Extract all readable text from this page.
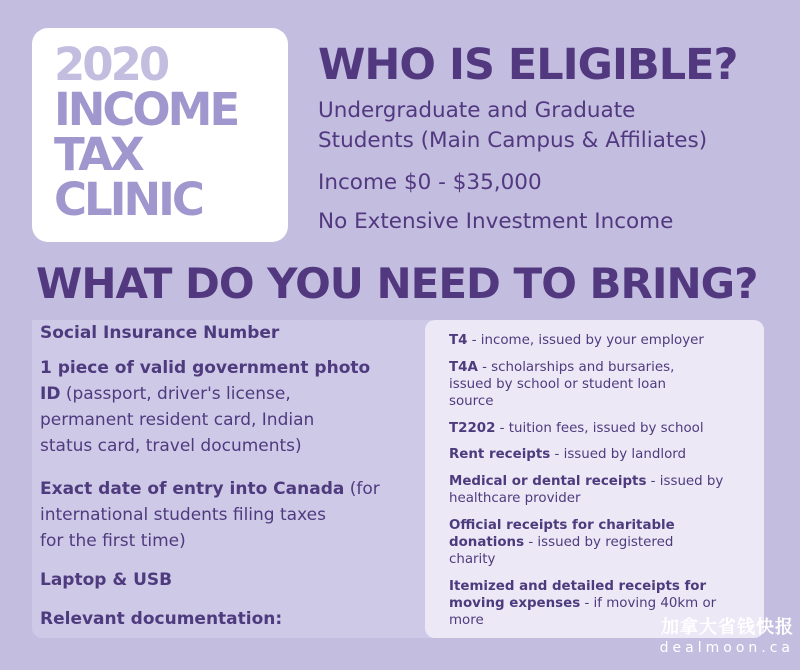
2020
INCOME
TAX
CLINIC
WHO IS ELIGIBLE?
Undergraduate and Graduate
Students (Main Campus & Affiliates)
Income $0 - $35,000
No Extensive Investment Income
WHAT DO YOU NEED TO BRING?
Social Insurance Number
1 piece of valid government photo
ID (passport, driver's license,
permanent resident card, Indian
status card, travel documents)
Exact date of entry into Canada (for
international students filing taxes
for the first time)
Laptop & USB
Relevant documentation:
T4 - income, issued by your employer
T4A - scholarships and bursaries,
issued by school or student loan
source
T2202 - tuition fees, issued by school
Rent receipts - issued by landlord
Medical or dental receipts - issued by
healthcare provider
Official receipts for charitable
donations - issued by registered
charity
Itemized and detailed receipts for
moving expenses - if moving 40km or
more	加拿大省钱快报
dealmoon.ca
